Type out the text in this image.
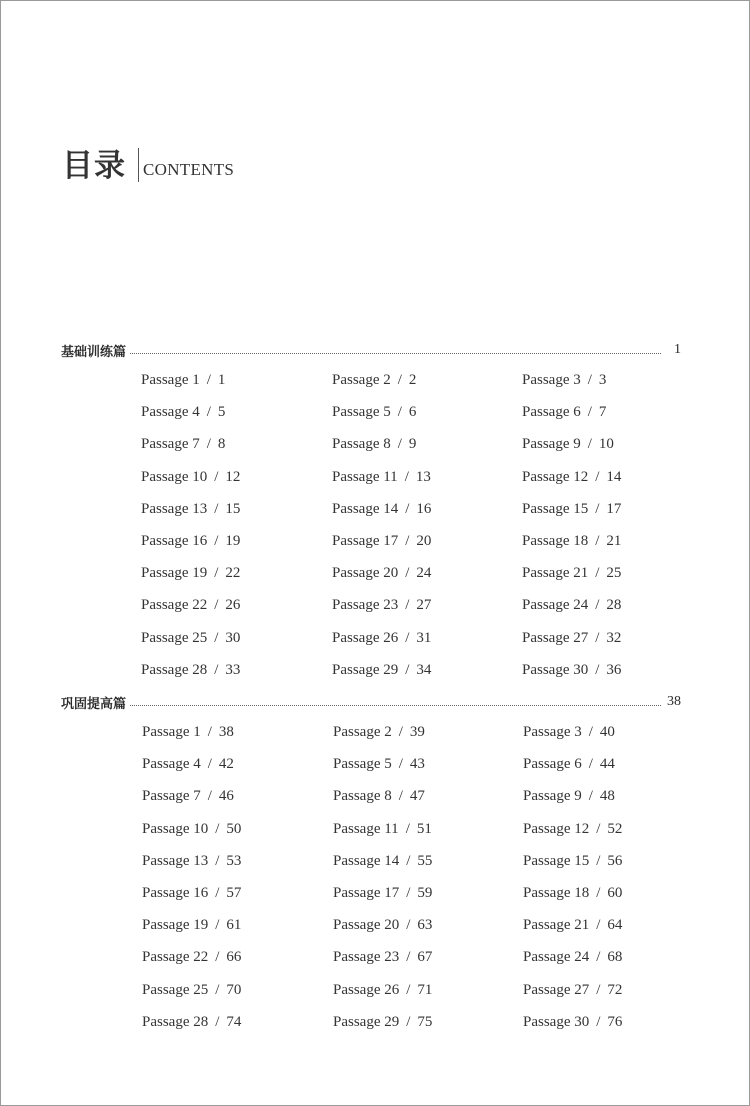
目录 CONTENTS
基础训练篇	1
Passage 1 / 1	Passage 2 / 2	Passage 3 / 3
Passage 4 / 5	Passage 5 / 6	Passage 6 / 7
Passage 7 / 8	Passage 8 / 9	Passage 9 / 10
Passage 10 / 12	Passage 11 / 13	Passage 12 / 14
Passage 13 / 15	Passage 14 / 16	Passage 15 / 17
Passage 16 / 19	Passage 17 / 20	Passage 18 / 21
Passage 19 / 22	Passage 20 / 24	Passage 21 / 25
Passage 22 / 26	Passage 23 / 27	Passage 24 / 28
Passage 25 / 30	Passage 26 / 31	Passage 27 / 32
Passage 28 / 33	Passage 29 / 34	Passage 30 / 36
巩固提高篇	38
Passage 1 / 38	Passage 2 / 39	Passage 3 / 40
Passage 4 / 42	Passage 5 / 43	Passage 6 / 44
Passage 7 / 46	Passage 8 / 47	Passage 9 / 48
Passage 10 / 50	Passage 11 / 51	Passage 12 / 52
Passage 13 / 53	Passage 14 / 55	Passage 15 / 56
Passage 16 / 57	Passage 17 / 59	Passage 18 / 60
Passage 19 / 61	Passage 20 / 63	Passage 21 / 64
Passage 22 / 66	Passage 23 / 67	Passage 24 / 68
Passage 25 / 70	Passage 26 / 71	Passage 27 / 72
Passage 28 / 74	Passage 29 / 75	Passage 30 / 76
